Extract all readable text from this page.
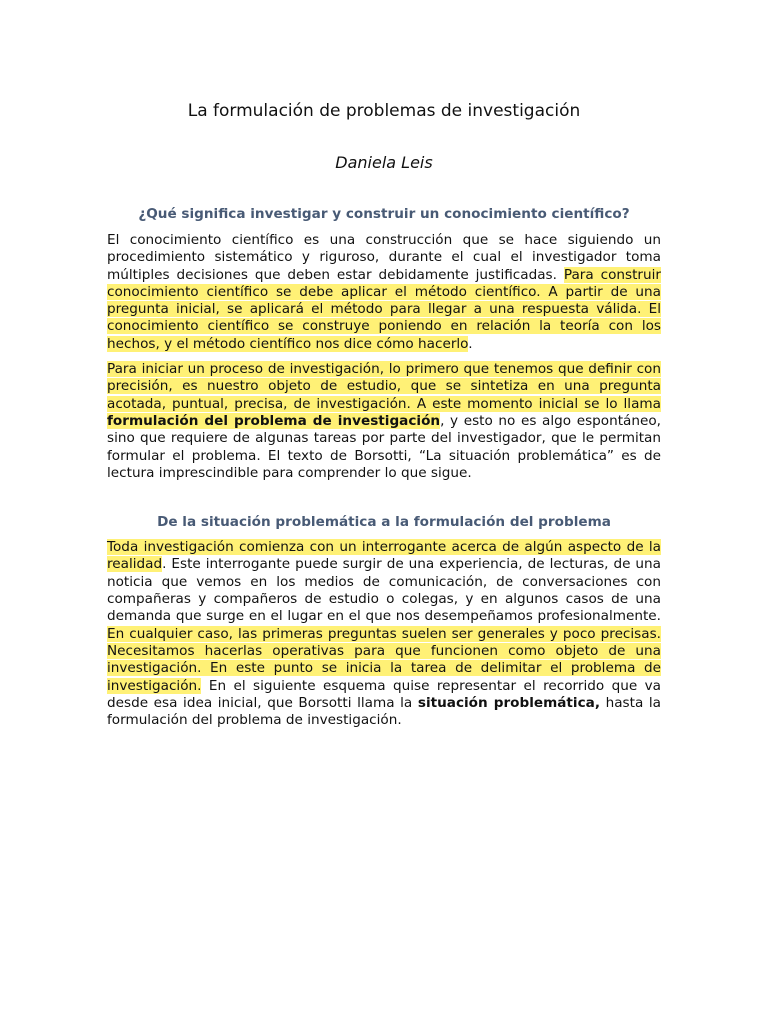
La formulación de problemas de investigación

Daniela Leis

¿Qué significa investigar y construir un conocimiento científico?

El conocimiento científico es una construcción que se hace siguiendo un procedimiento sistemático y riguroso, durante el cual el investigador toma múltiples decisiones que deben estar debidamente justificadas. Para construir conocimiento científico se debe aplicar el método científico. A partir de una pregunta inicial, se aplicará el método para llegar a una respuesta válida. El conocimiento científico se construye poniendo en relación la teoría con los hechos, y el método científico nos dice cómo hacerlo.

Para iniciar un proceso de investigación, lo primero que tenemos que definir con precisión, es nuestro objeto de estudio, que se sintetiza en una pregunta acotada, puntual, precisa, de investigación. A este momento inicial se lo llama formulación del problema de investigación, y esto no es algo espontáneo, sino que requiere de algunas tareas por parte del investigador, que le permitan formular el problema. El texto de Borsotti, “La situación problemática” es de lectura imprescindible para comprender lo que sigue.

De la situación problemática a la formulación del problema

Toda investigación comienza con un interrogante acerca de algún aspecto de la realidad. Este interrogante puede surgir de una experiencia, de lecturas, de una noticia que vemos en los medios de comunicación, de conversaciones con compañeras y compañeros de estudio o colegas, y en algunos casos de una demanda que surge en el lugar en el que nos desempeñamos profesionalmente. En cualquier caso, las primeras preguntas suelen ser generales y poco precisas. Necesitamos hacerlas operativas para que funcionen como objeto de una investigación. En este punto se inicia la tarea de delimitar el problema de investigación. En el siguiente esquema quise representar el recorrido que va desde esa idea inicial, que Borsotti llama la situación problemática, hasta la formulación del problema de investigación.
